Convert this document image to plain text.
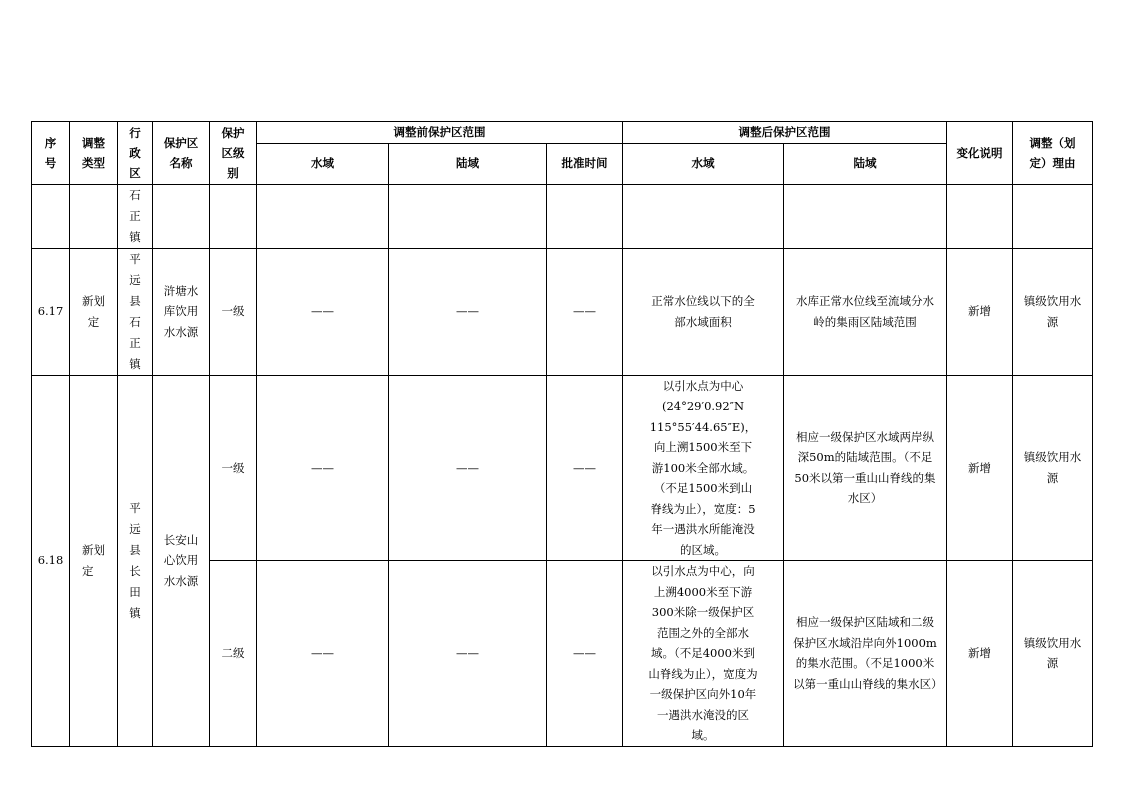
序号	调整类型	行政区	保护区名称	保护区级别	调整前保护区范围			调整后保护区范围		变化说明	调整（划定）理由

					水域	陆域	批准时间	水域	陆域		

		石正镇									

6.17	新划定	平远县石正镇	浒塘水库饮用水水源	一级	——	——	——	正常水位线以下的全部水域面积	水库正常水位线至流域分水岭的集雨区陆域范围	新增	镇级饮用水源

6.18	新划定	平远县长田镇	长安山心饮用水水源	一级	——	——	——	以引水点为中心(24°29′0.92″N 115°55′44.65″E)，向上溯1500米至下游100米全部水域。（不足1500米到山脊线为止），宽度：5年一遇洪水所能淹没的区域。	相应一级保护区水域两岸纵深50m的陆域范围。（不足50米以第一重山山脊线的集水区）	新增	镇级饮用水源

				二级	——	——	——	以引水点为中心，向上溯4000米至下游300米除一级保护区范围之外的全部水域。（不足4000米到山脊线为止），宽度为一级保护区向外10年一遇洪水淹没的区域。	相应一级保护区陆域和二级保护区水域沿岸向外1000m的集水范围。（不足1000米以第一重山山脊线的集水区）	新增	镇级饮用水源
